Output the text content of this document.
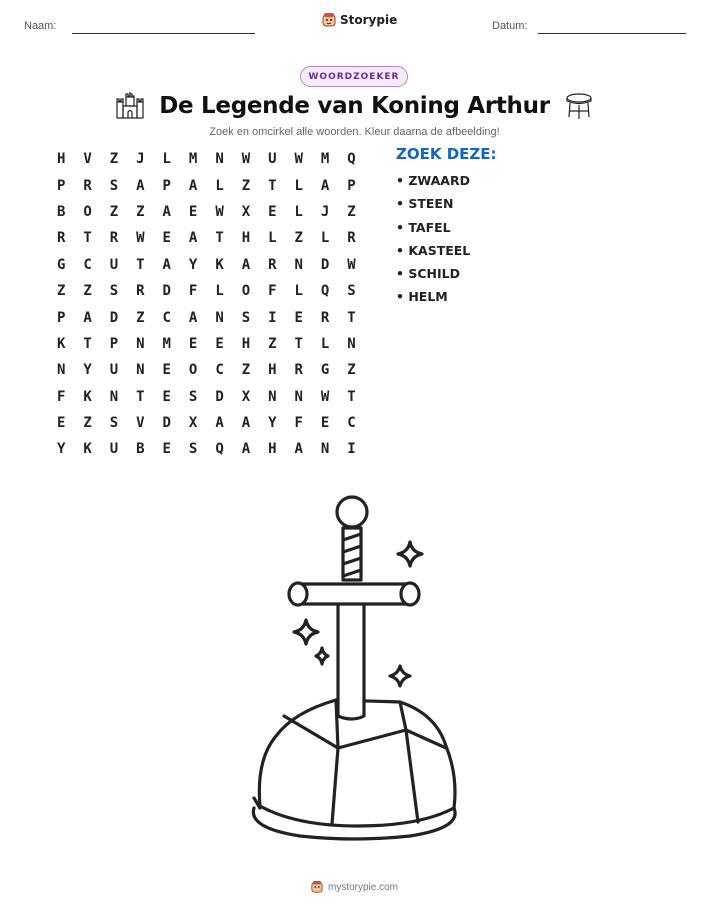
Naam:	Storypie	Datum:
WOORDZOEKER
De Legende van Koning Arthur
Zoek en omcirkel alle woorden. Kleur daarna de afbeelding!
H	V	Z	J	L	M	N	W	U	W	M	Q
P	R	S	A	P	A	L	Z	T	L	A	P
B	O	Z	Z	A	E	W	X	E	L	J	Z
R	T	R	W	E	A	T	H	L	Z	L	R
G	C	U	T	A	Y	K	A	R	N	D	W
Z	Z	S	R	D	F	L	O	F	L	Q	S
P	A	D	Z	C	A	N	S	I	E	R	T
K	T	P	N	M	E	E	H	Z	T	L	N
N	Y	U	N	E	O	C	Z	H	R	G	Z
F	K	N	T	E	S	D	X	N	N	W	T
E	Z	S	V	D	X	A	A	Y	F	E	C
Y	K	U	B	E	S	Q	A	H	A	N	I
ZOEK DEZE:
• ZWAARD
• STEEN
• TAFEL
• KASTEEL
• SCHILD
• HELM
mystorypie.com
